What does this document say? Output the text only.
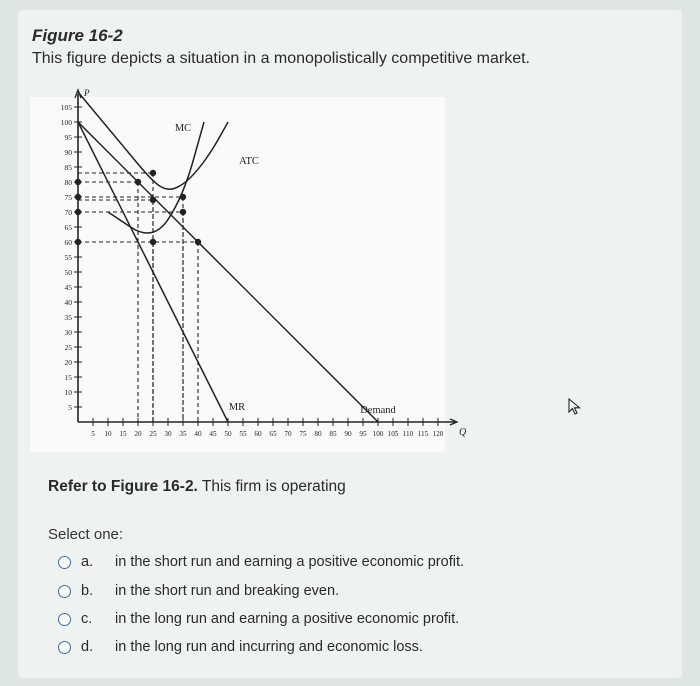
Figure 16-2
This figure depicts a situation in a monopolistically competitive market.
P
Q
5
10
15
20
25
30
35
40
45
50
55
60
65
70
75
80
85
90
95
100
105
5 10 15 20 25 30 35 40 45 50 55 60 65 70 75 80 85 90 95 100 105 110 115 120
MC
ATC
MR	Demand
Refer to Figure 16-2. This firm is operating
Select one:
a.	in the short run and earning a positive economic profit.
b.	in the short run and breaking even.
c.	in the long run and earning a positive economic profit.
d.	in the long run and incurring and economic loss.
